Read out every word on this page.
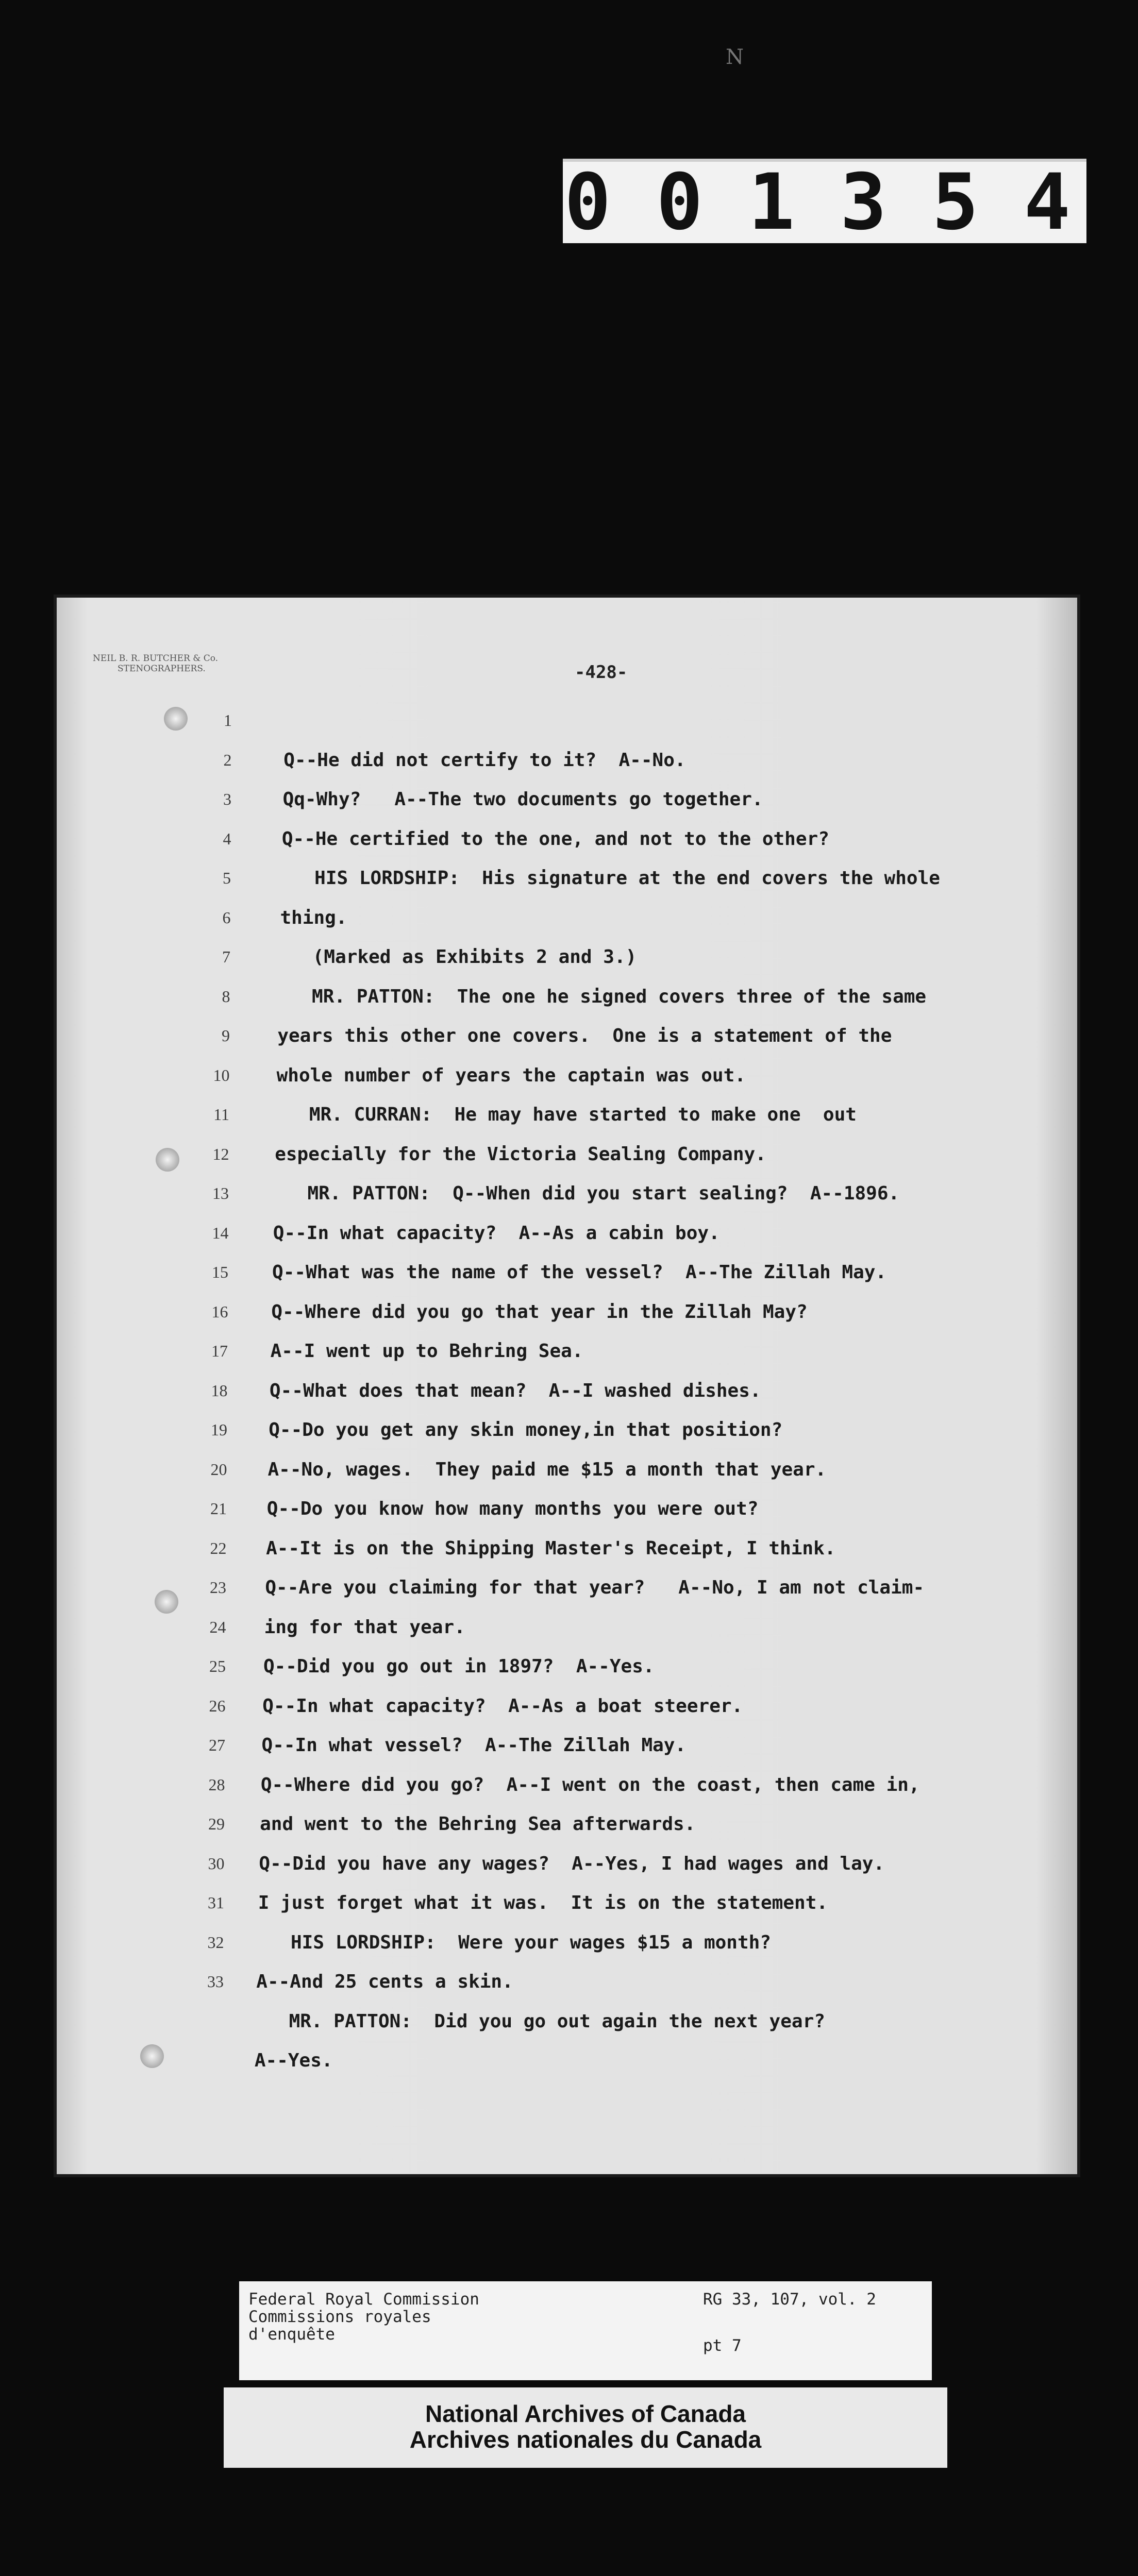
N
001354
NEIL B. R. BUTCHER & Co.
STENOGRAPHERS.	-428-
1
2	Q--He did not certify to it?  A--No.
3	Qq-Why?   A--The two documents go together.
4	Q--He certified to the one, and not to the other?
5	HIS LORDSHIP:  His signature at the end covers the whole
6	thing.
7	(Marked as Exhibits 2 and 3.)
8	MR. PATTON:  The one he signed covers three of the same
9	years this other one covers.  One is a statement of the
10	whole number of years the captain was out.
11 MR. CURRAN:  He may have started to make one  out
12 especially for the Victoria Sealing Company.
13 MR. PATTON:  Q--When did you start sealing?  A--1896.
14 Q--In what capacity?  A--As a cabin boy.
15 Q--What was the name of the vessel?  A--The Zillah May.
16 Q--Where did you go that year in the Zillah May?
17 A--I went up to Behring Sea.
18 Q--What does that mean?  A--I washed dishes.
19 Q--Do you get any skin money,in that position?
20 A--No, wages.  They paid me $15 a month that year.
21 Q--Do you know how many months you were out?
22 A--It is on the Shipping Master's Receipt, I think.
23 Q--Are you claiming for that year?   A--No, I am not claim-
24 ing for that year.
25 Q--Did you go out in 1897?  A--Yes.
26 Q--In what capacity?  A--As a boat steerer.
27 Q--In what vessel?  A--The Zillah May.
28 Q--Where did you go?  A--I went on the coast, then came in,
29 and went to the Behring Sea afterwards.
30 Q--Did you have any wages?  A--Yes, I had wages and lay.
31 I just forget what it was.  It is on the statement.
32 HIS LORDSHIP:  Were your wages $15 a month?
33 A--And 25 cents a skin.
MR. PATTON:  Did you go out again the next year?
A--Yes.
Federal Royal Commission
Commissions royales
d'enquête
RG 33, 107, vol. 2
pt 7
National Archives of Canada
Archives nationales du Canada
